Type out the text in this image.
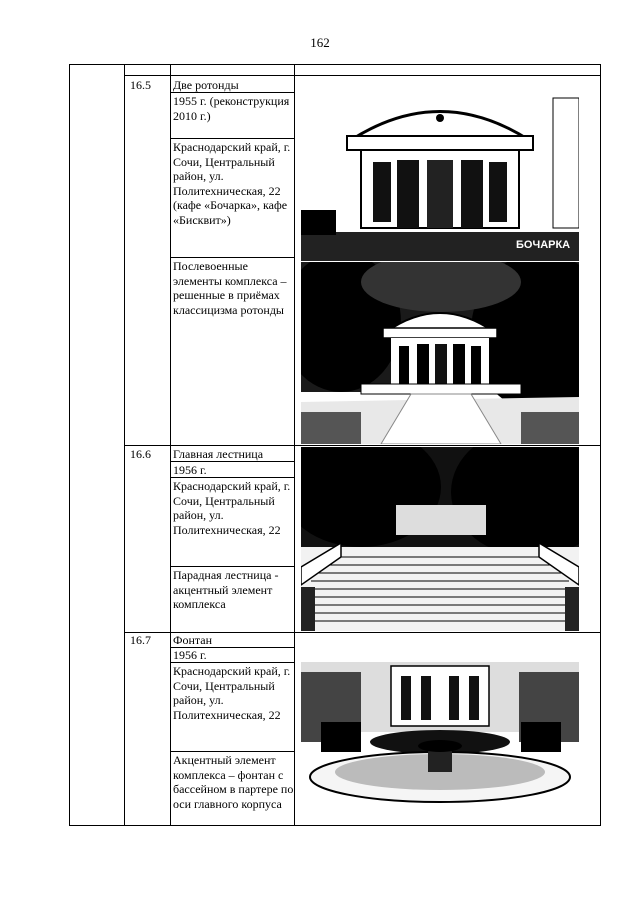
162
16.5	Две ротонды
1955 г. (реконструкция 2010 г.)
Краснодарский край, г. Сочи, Центральный район, ул. Политехническая, 22 (кафе «Бочарка», кафе «Бисквит»)
Послевоенные элементы комплекса – решенные в приёмах классицизма ротонды
16.6	Главная лестница
1956 г.
Краснодарский край, г. Сочи, Центральный район, ул. Политехническая, 22
Парадная лестница - акцентный элемент комплекса
16.7	Фонтан
1956 г.
Краснодарский край, г. Сочи, Центральный район, ул. Политехническая, 22
Акцентный элемент комплекса – фонтан с бассейном в партере по оси главного корпуса
БОЧАРКА
